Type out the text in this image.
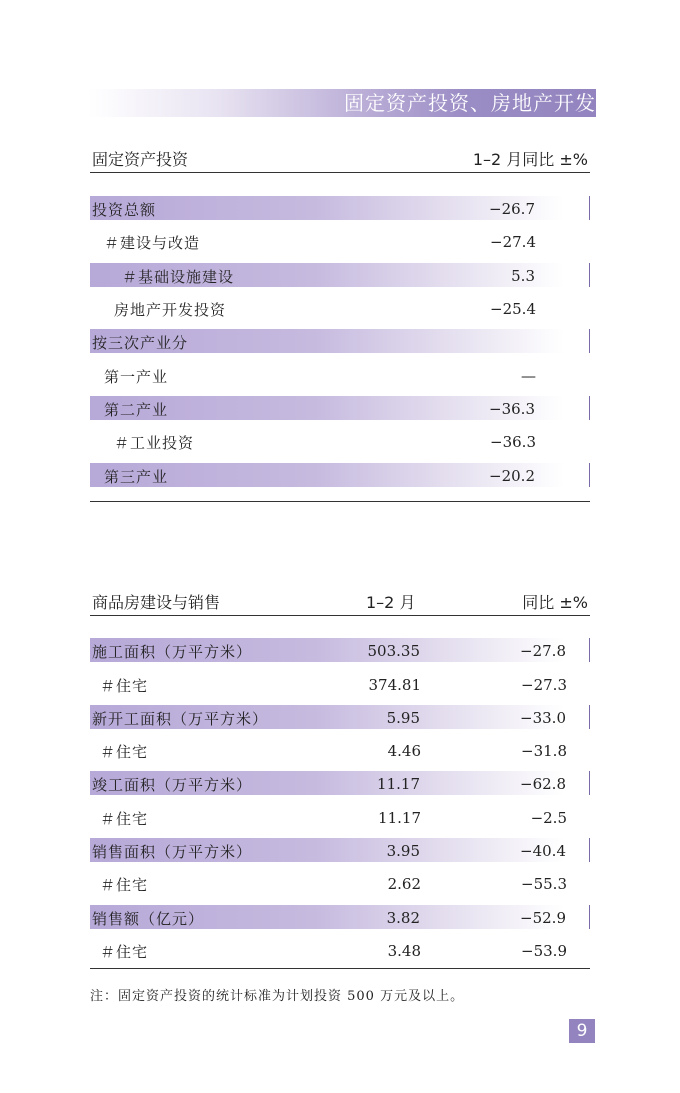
固定资产投资、房地产开发
固定资产投资	1–2 月同比 ±%
投资总额	−26.7
＃建设与改造	−27.4
＃基础设施建设	5.3
房地产开发投资	−25.4
按三次产业分
第一产业	—
第二产业	−36.3
＃工业投资	−36.3
第三产业	−20.2
商品房建设与销售	1–2 月	同比 ±%
施工面积（万平方米）	503.35	−27.8
＃住宅	374.81	−27.3
新开工面积（万平方米）	5.95	−33.0
＃住宅	4.46	−31.8
竣工面积（万平方米）	11.17	−62.8
＃住宅	11.17	−2.5
销售面积（万平方米）	3.95	−40.4
＃住宅	2.62	−55.3
销售额（亿元）	3.82	−52.9
＃住宅	3.48	−53.9
注：固定资产投资的统计标准为计划投资 500 万元及以上。
9
